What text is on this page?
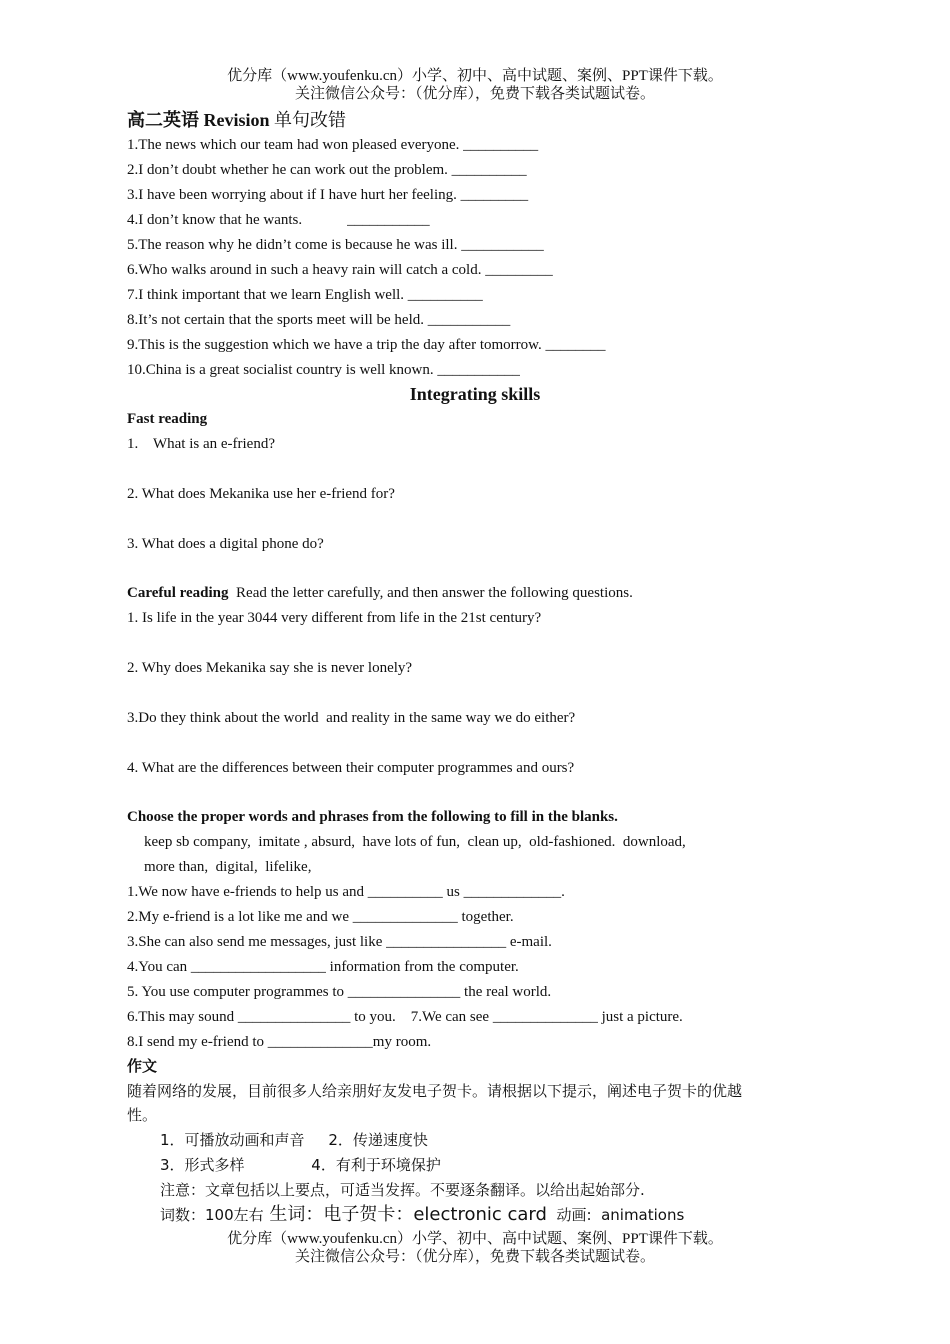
优分库（www.youfenku.cn）小学、初中、高中试题、案例、PPT课件下载。
关注微信公众号：（优分库），免费下载各类试题试卷。
高二英语 Revision 单句改错
1.The news which our team had won pleased everyone. __________
2.I don’t doubt whether he can work out the problem. __________
3.I have been worrying about if I have hurt her feeling. _________
4.I don’t know that he wants.            ___________
5.The reason why he didn’t come is because he was ill. ___________
6.Who walks around in such a heavy rain will catch a cold. _________
7.I think important that we learn English well. __________
8.It’s not certain that the sports meet will be held. ___________
9.This is the suggestion which we have a trip the day after tomorrow. ________
10.China is a great socialist country is well known. ___________
Integrating skills
Fast reading
1.    What is an e-friend?
2. What does Mekanika use her e-friend for?
3. What does a digital phone do?
Careful reading  Read the letter carefully, and then answer the following questions.
1. Is life in the year 3044 very different from life in the 21st century?
2. Why does Mekanika say she is never lonely?
3.Do they think about the world  and reality in the same way we do either?
4. What are the differences between their computer programmes and ours?
Choose the proper words and phrases from the following to fill in the blanks.
keep sb company,  imitate , absurd,  have lots of fun,  clean up,  old-fashioned.  download,
more than,  digital,  lifelike,
1.We now have e-friends to help us and __________ us _____________.
2.My e-friend is a lot like me and we ______________ together.
3.She can also send me messages, just like ________________ e-mail.
4.You can __________________ information from the computer.
5. You use computer programmes to _______________ the real world.
6.This may sound _______________ to you.    7.We can see ______________ just a picture.
8.I send my e-friend to ______________my room.
作文
随着网络的发展，目前很多人给亲朋好友发电子贺卡。请根据以下提示，阐述电子贺卡的优越
性。
1．可播放动画和声音     2．传递速度快
3．形式多样              4．有利于环境保护
注意：文章包括以上要点，可适当发挥。不要逐条翻译。以给出起始部分.
词数：100左右 生词：电子贺卡：electronic card  动画:  animations
优分库（www.youfenku.cn）小学、初中、高中试题、案例、PPT课件下载。
关注微信公众号：（优分库），免费下载各类试题试卷。
